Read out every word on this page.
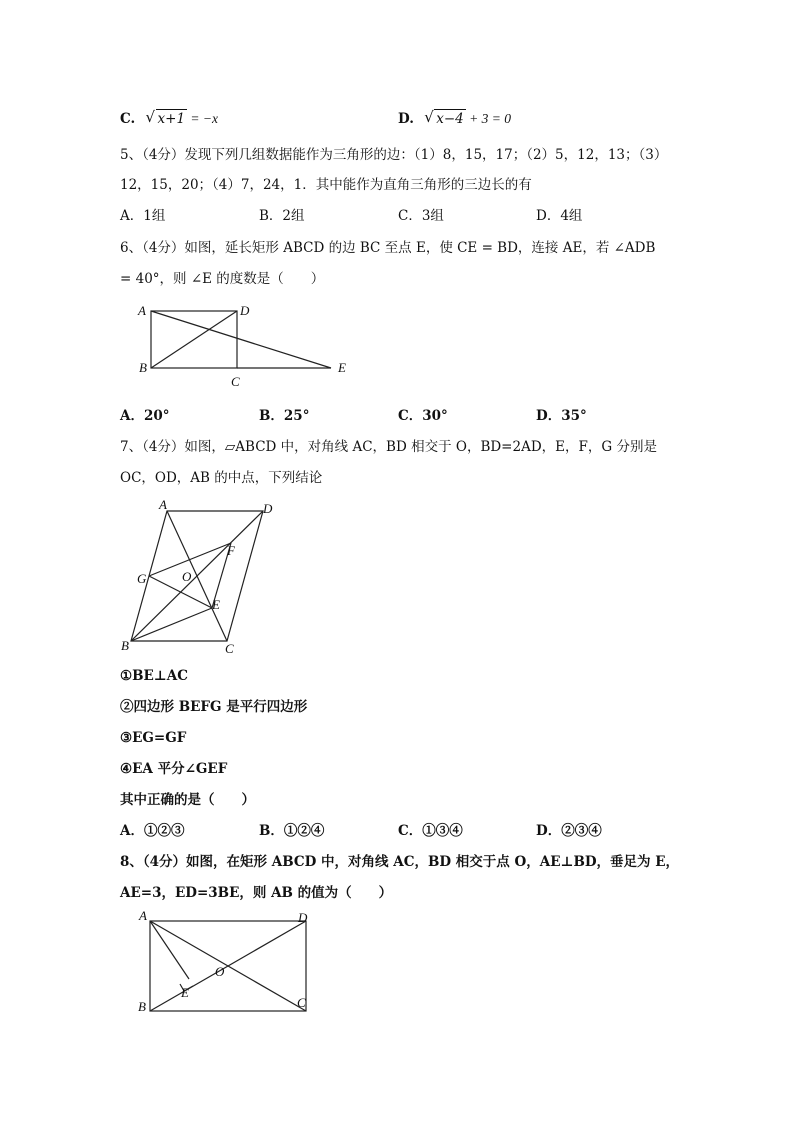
C. √ x+1 = −x	D. √ x−4 + 3 = 0
5、（4分）发现下列几组数据能作为三角形的边：（1）8，15，17；（2）5，12，13；（3）
12，15，20；（4）7，24，1．其中能作为直角三角形的三边长的有
A．1组	B．2组	C．3组	D．4组
6、（4分）如图，延长矩形 ABCD 的边 BC 至点 E，使 CE = BD，连接 AE，若 ∠ADB
= 40°，则 ∠E 的度数是（　　）
A	D
B
C
E
A．20°	B．25°	C．30°	D．35°
7、（4分）如图，▱ABCD 中，对角线 AC，BD 相交于 O，BD=2AD，E，F，G 分别是
OC，OD，AB 的中点，下列结论
A	D
F
G	O
E
B	C
①BE⊥AC
②四边形 BEFG 是平行四边形
③EG=GF
④EA 平分∠GEF
其中正确的是（　　）
A．①②③	B．①②④	C．①③④	D．②③④
8、（4分）如图，在矩形 ABCD 中，对角线 AC，BD 相交于点 O，AE⊥BD，垂足为 E，
AE=3，ED=3BE，则 AB 的值为（　　）
A	D
O
E
B	C
